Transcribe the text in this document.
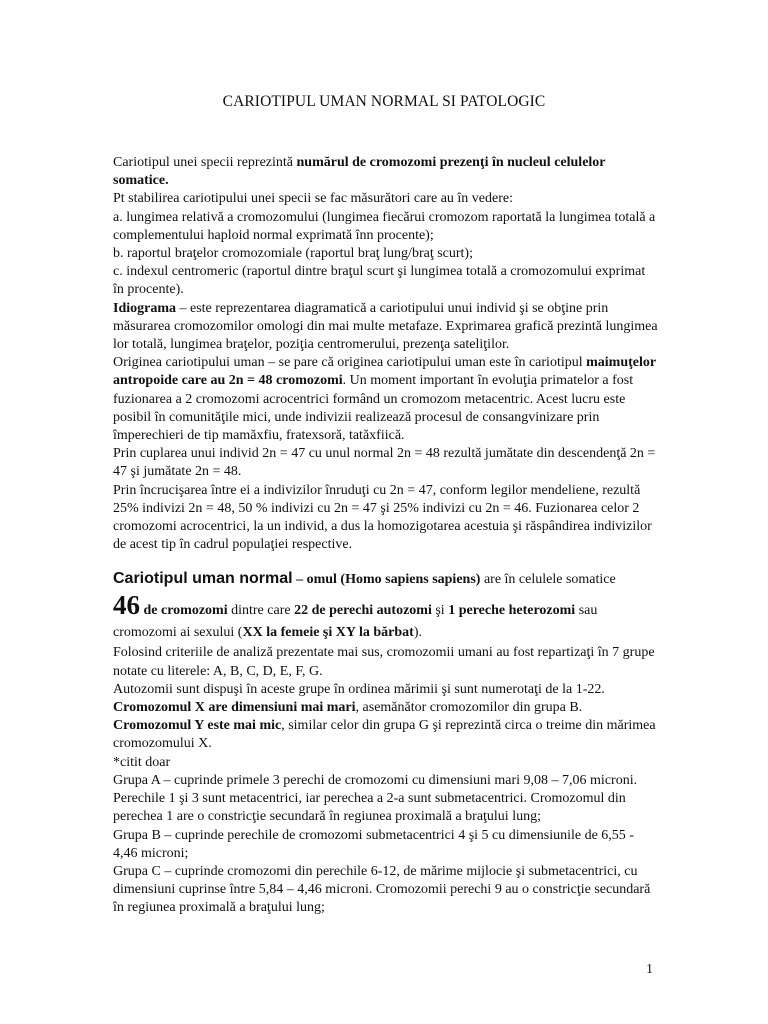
CARIOTIPUL UMAN NORMAL SI PATOLOGIC

Cariotipul unei specii reprezintă numărul de cromozomi prezenţi în nucleul celulelor somatice.

Pt stabilirea cariotipului unei specii se fac măsurători care au în vedere:

a. lungimea relativă a cromozomului (lungimea fiecărui cromozom raportată la lungimea totală a complementului haploid normal exprimată înn procente);

b. raportul braţelor cromozomiale (raportul braţ lung/braţ scurt);

c. indexul centromeric (raportul dintre braţul scurt şi lungimea totală a cromozomului exprimat în procente).

Idiograma – este reprezentarea diagramatică a cariotipului unui individ şi se obţine prin măsurarea cromozomilor omologi din mai multe metafaze. Exprimarea grafică prezintă lungimea lor totală, lungimea braţelor, poziţia centromerului, prezenţa sateliţilor.

Originea cariotipului uman – se pare că originea cariotipului uman este în cariotipul maimuţelor antropoide care au 2n = 48 cromozomi. Un moment important în evoluţia primatelor a fost fuzionarea a 2 cromozomi acrocentrici formând un cromozom metacentric. Acest lucru este posibil în comunităţile mici, unde indivizii realizează procesul de consangvinizare prin împerechieri de tip mamăxfiu, fratexsoră, tatăxfiică.

Prin cuplarea unui individ 2n = 47 cu unul normal 2n = 48 rezultă jumătate din descendenţă 2n = 47 şi jumătate 2n = 48.

Prin încrucişarea între ei a indivizilor înruduţi cu 2n = 47, conform legilor mendeliene, rezultă 25% indivizi 2n = 48, 50 % indivizi cu 2n = 47 şi 25% indivizi cu 2n = 46. Fuzionarea celor 2 cromozomi acrocentrici, la un individ, a dus la homozigotarea acestuia şi răspândirea indivizilor de acest tip în cadrul populaţiei respective.

Cariotipul uman normal – omul (Homo sapiens sapiens) are în celulele somatice
46 de cromozomi dintre care 22 de perechi autozomi şi 1 pereche heterozomi sau cromozomi ai sexului (XX la femeie şi XY la bărbat).

Folosind criteriile de analiză prezentate mai sus, cromozomii umani au fost repartizaţi în 7 grupe notate cu literele: A, B, C, D, E, F, G.

Autozomii sunt dispuşi în aceste grupe în ordinea mărimii şi sunt numerotaţi de la 1-22.

Cromozomul X are dimensiuni mai mari, asemănător cromozomilor din grupa B.

Cromozomul Y este mai mic, similar celor din grupa G şi reprezintă circa o treime din mărimea cromozomului X.

*citit doar

Grupa A – cuprinde primele 3 perechi de cromozomi cu dimensiuni mari 9,08 – 7,06 microni. Perechile 1 şi 3 sunt metacentrici, iar perechea a 2-a sunt submetacentrici. Cromozomul din perechea 1 are o constricţie secundară în regiunea proximală a braţului lung;

Grupa B – cuprinde perechile de cromozomi submetacentrici 4 şi 5 cu dimensiunile de 6,55 - 4,46 microni;

Grupa C – cuprinde cromozomi din perechile 6-12, de mărime mijlocie şi submetacentrici, cu dimensiuni cuprinse între 5,84 – 4,46 microni. Cromozomii perechi 9 au o constricţie secundară în regiunea proximală a braţului lung;

1
